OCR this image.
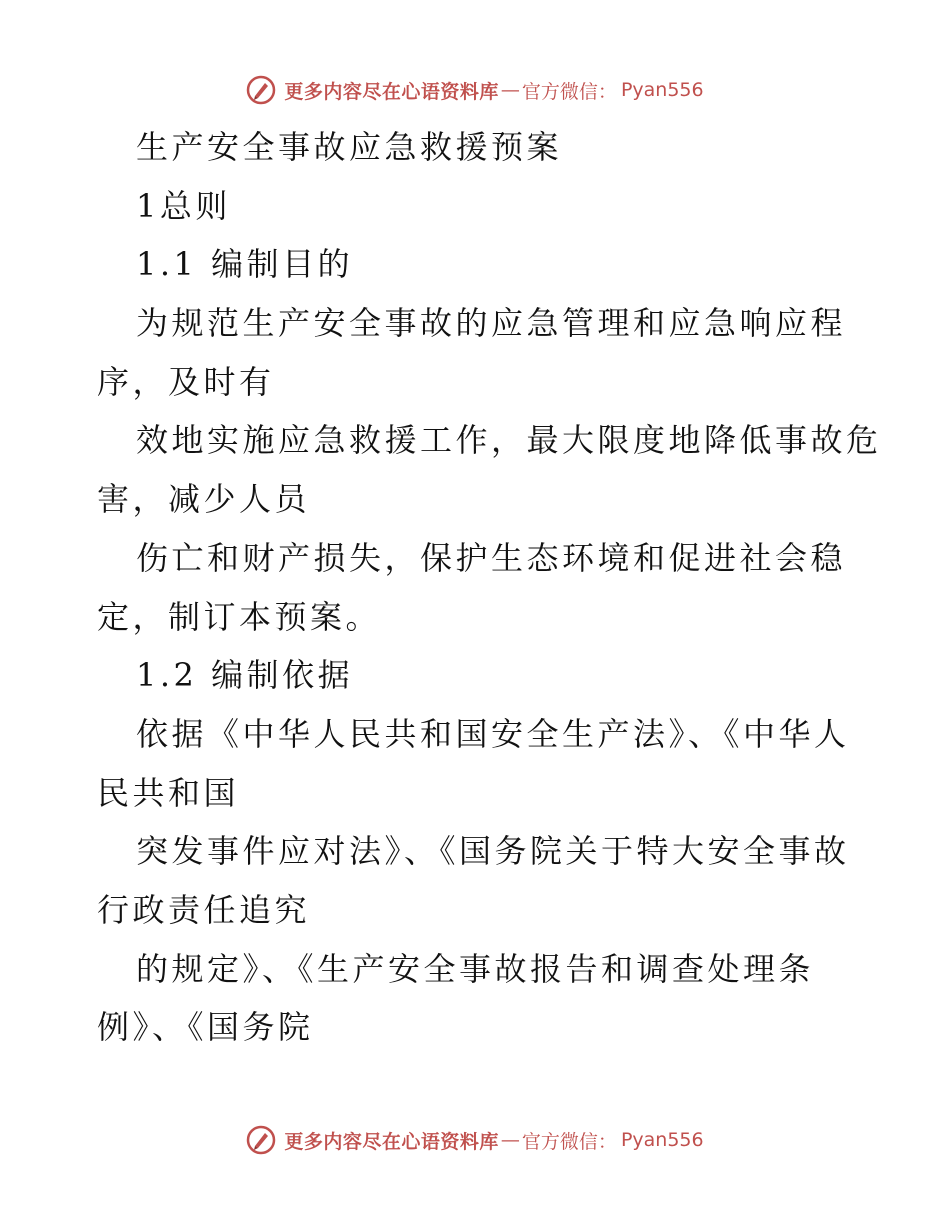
更多内容尽在心语资料库 — 官方微信： Pyan556
生产安全事故应急救援预案
1总则
1.1 编制目的
为规范生产安全事故的应急管理和应急响应程
序，及时有
效地实施应急救援工作，最大限度地降低事故危
害，减少人员
伤亡和财产损失，保护生态环境和促进社会稳
定，制订本预案。
1.2 编制依据
依据《中华人民共和国安全生产法》、《中华人
民共和国
突发事件应对法》、《国务院关于特大安全事故
行政责任追究
的规定》、《生产安全事故报告和调查处理条
例》、《国务院
更多内容尽在心语资料库 — 官方微信： Pyan556
